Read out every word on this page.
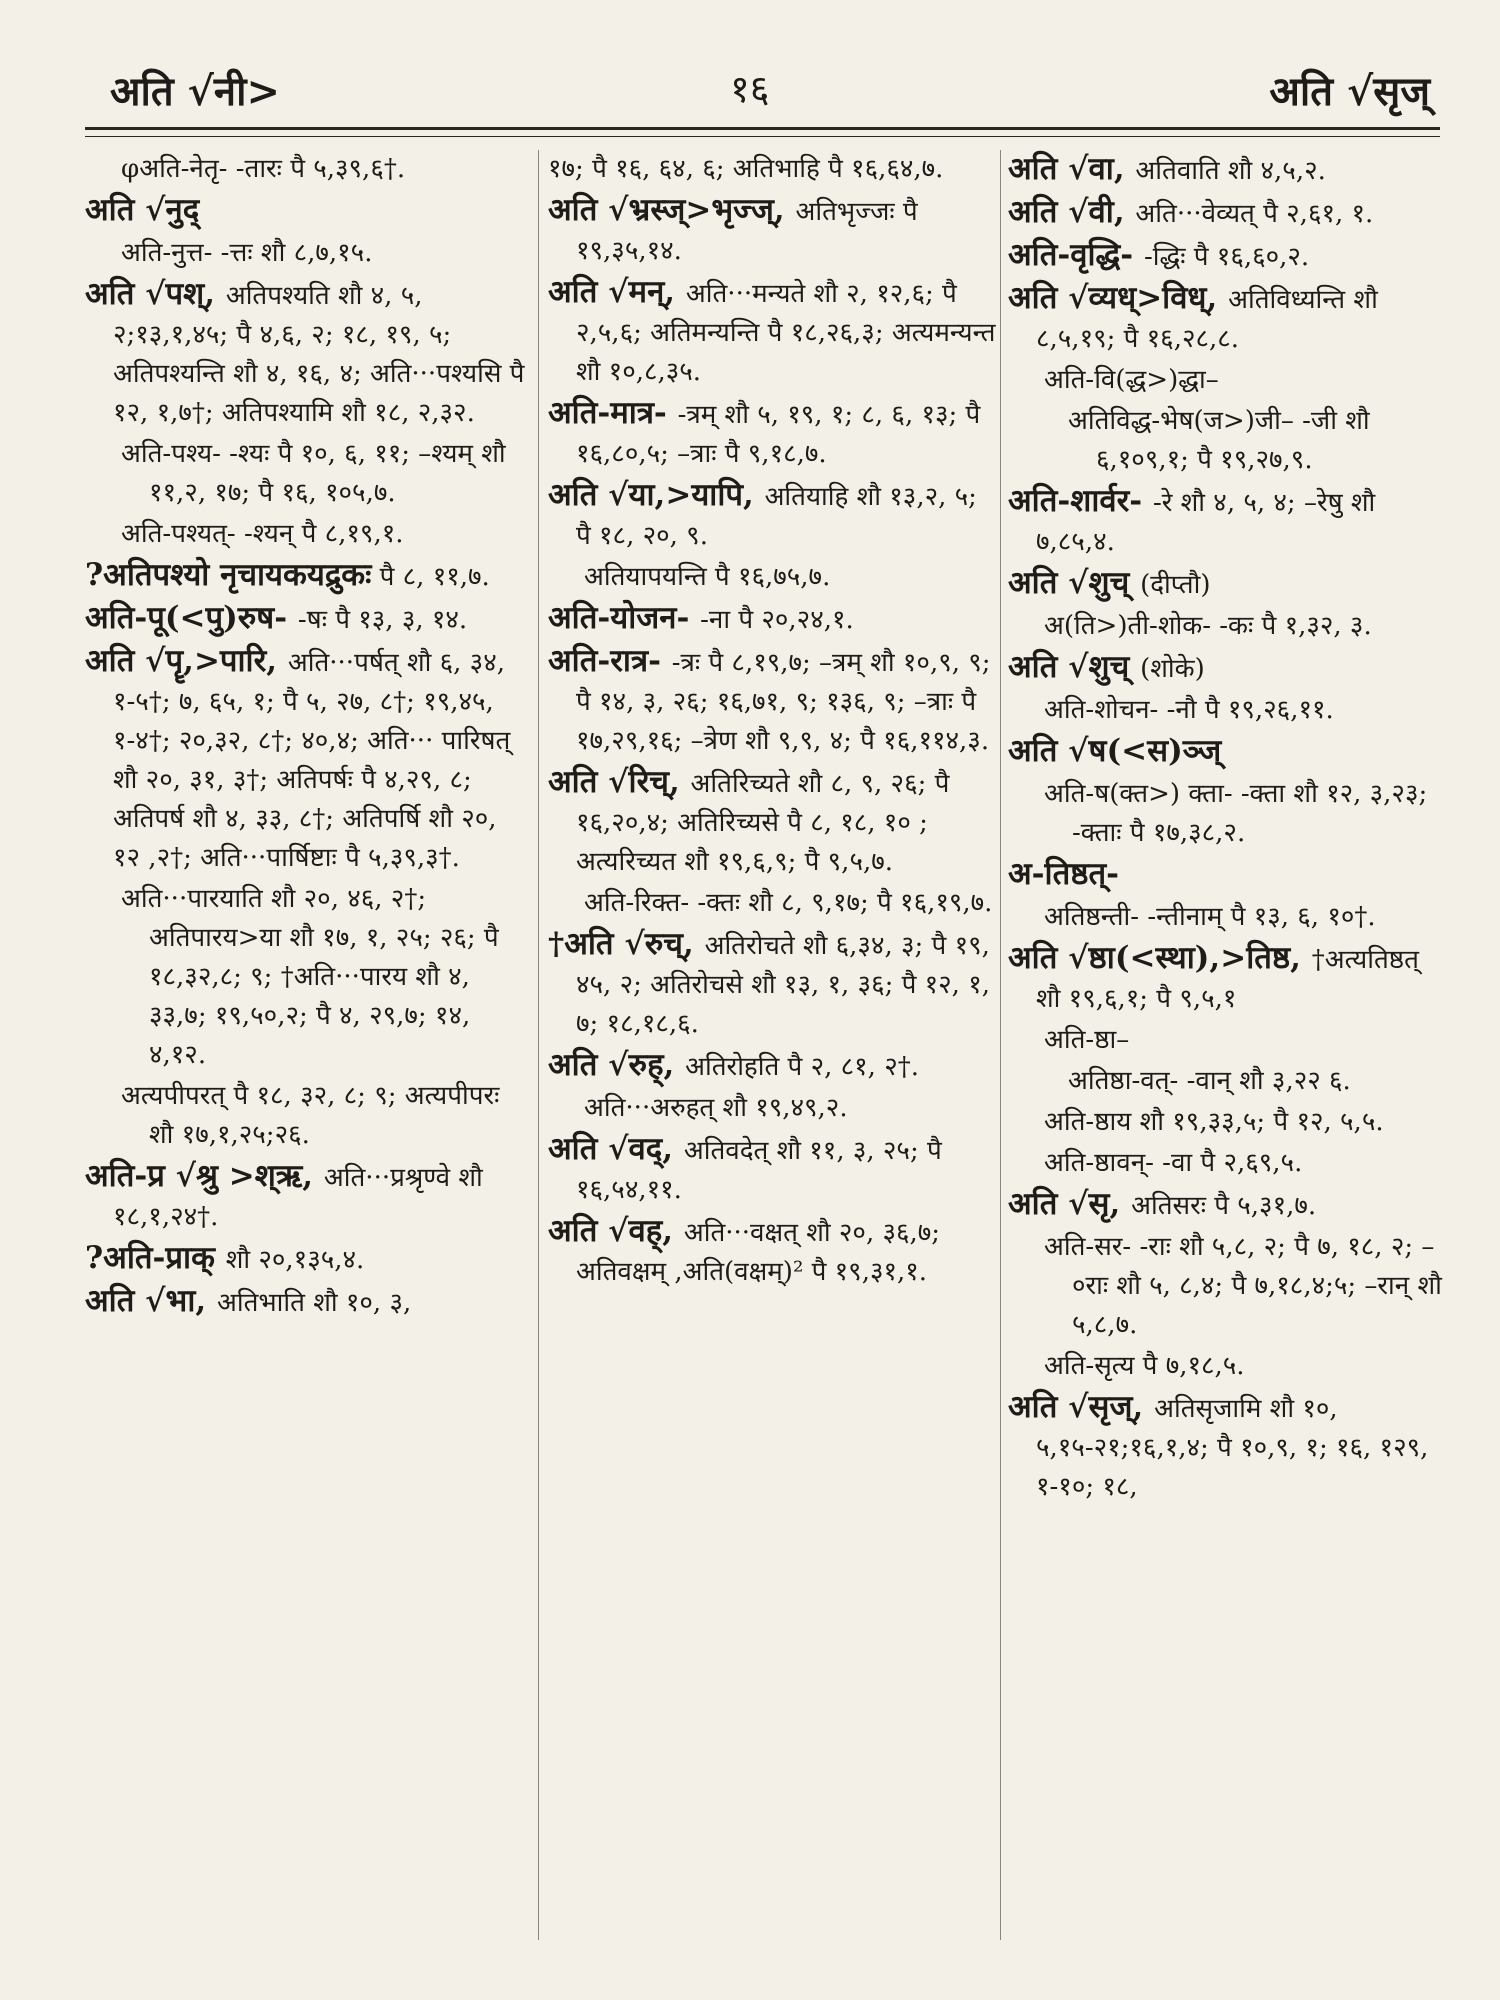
अति √नी>	१६	अति √सृज्

φअति-नेतृ- -तारः पै ५,३९,६†.

अति √नुद्

अति-नुत्त- -त्तः शौ ८,७,१५.

अति √पश्, अतिपश्यति शौ ४, ५, २;१३,१,४५; पै ४,६, २; १८, १९, ५; अतिपश्यन्ति शौ ४, १६, ४; अति···पश्यसि पै १२, १,७†; अतिपश्यामि शौ १८, २,३२.

अति-पश्य- -श्यः पै १०, ६, ११; –श्यम् शौ ११,२, १७; पै १६, १०५,७.

अति-पश्यत्- -श्यन् पै ८,१९,१.

?अतिपश्यो नृचायकयद्रुकः पै ८, ११,७.

अति-पू(<पु)रुष- -षः पै १३, ३, १४.

अति √पॄ,>पारि, अति···पर्षत् शौ ६, ३४, १-५†; ७, ६५, १; पै ५, २७, ८†; १९,४५, १-४†; २०,३२, ८†; ४०,४; अति··· पारिषत् शौ २०, ३१, ३†; अतिपर्षः पै ४,२९, ८; अतिपर्ष शौ ४, ३३, ८†; अतिपर्षि शौ २०, १२ ,२†; अति···पार्षिष्टाः पै ५,३९,३†.

अति···पारयाति शौ २०, ४६, २†; अतिपारय>या शौ १७, १, २५; २६; पै १८,३२,८; ९; †अति···पारय शौ ४, ३३,७; १९,५०,२; पै ४, २९,७; १४, ४,१२.

अत्यपीपरत् पै १८, ३२, ८; ९; अत्यपीपरः शौ १७,१,२५;२६.

अति-प्र √श्रु >श्ऋ, अति···प्रश्रृण्वे शौ १८,१,२४†.

?अति-प्राक् शौ २०,१३५,४.

अति √भा, अतिभाति शौ १०, ३,

१७; पै १६, ६४, ६; अतिभाहि पै १६,६४,७.

अति √भ्रस्ज्>भृज्ज्, अतिभृज्जः पै १९,३५,१४.

अति √मन्, अति···मन्यते शौ २, १२,६; पै २,५,६; अतिमन्यन्ति पै १८,२६,३; अत्यमन्यन्त शौ १०,८,३५.

अति-मात्र- -त्रम् शौ ५, १९, १; ८, ६, १३; पै १६,८०,५; –त्राः पै ९,१८,७.

अति √या,>यापि, अतियाहि शौ १३,२, ५; पै १८, २०, ९.

अतियापयन्ति पै १६,७५,७.

अति-योजन- -ना पै २०,२४,१.

अति-रात्र- -त्रः पै ८,१९,७; –त्रम् शौ १०,९, ९; पै १४, ३, २६; १६,७१, ९; १३६, ९; –त्राः पै १७,२९,१६; –त्रेण शौ ९,९, ४; पै १६,११४,३.

अति √रिच्, अतिरिच्यते शौ ८, ९, २६; पै १६,२०,४; अतिरिच्यसे पै ८, १८, १० ; अत्यरिच्यत शौ १९,६,९; पै ९,५,७.

अति-रिक्त- -क्तः शौ ८, ९,१७; पै १६,१९,७.

†अति √रुच्, अतिरोचते शौ ६,३४, ३; पै १९, ४५, २; अतिरोचसे शौ १३, १, ३६; पै १२, १, ७; १८,१८,६.

अति √रुह्, अतिरोहति पै २, ८१, २†.

अति···अरुहत् शौ १९,४९,२.

अति √वद्, अतिवदेत् शौ ११, ३, २५; पै १६,५४,११.

अति √वह्, अति···वक्षत् शौ २०, ३६,७; अतिवक्षम् ,अति(वक्षम्)² पै १९,३१,१.

अति √वा, अतिवाति शौ ४,५,२.

अति √वी, अति···वेव्यत् पै २,६१, १.

अति-वृद्धि- -द्धिः पै १६,६०,२.

अति √व्यध्>विध्, अतिविध्यन्ति शौ ८,५,१९; पै १६,२८,८.

अति-वि(द्ध>)द्धा–

अतिविद्ध-भेष(ज>)जी– -जी शौ ६,१०९,१; पै १९,२७,९.

अति-शार्वर- -रे शौ ४, ५, ४; –रेषु शौ ७,८५,४.

अति √शुच् (दीप्तौ)

अ(ति>)ती-शोक- -कः पै १,३२, ३.

अति √शुच् (शोके)

अति-शोचन- -नौ पै १९,२६,११.

अति √ष(<स)ञ्ज्

अति-ष(क्त>) क्ता- -क्ता शौ १२, ३,२३; -क्ताः पै १७,३८,२.

अ-तिष्ठत्-

अतिष्ठन्ती- -न्तीनाम् पै १३, ६, १०†.

अति √ष्ठा(<स्था),>तिष्ठ, †अत्यतिष्ठत् शौ १९,६,१; पै ९,५,१

अति-ष्ठा–

अतिष्ठा-वत्- -वान् शौ ३,२२ ६.

अति-ष्ठाय शौ १९,३३,५; पै १२, ५,५.

अति-ष्ठावन्- -वा पै २,६९,५.

अति √सृ, अतिसरः पै ५,३१,७.

अति-सर- -राः शौ ५,८, २; पै ७, १८, २; –०राः शौ ५, ८,४; पै ७,१८,४;५; –रान् शौ ५,८,७.

अति-सृत्य पै ७,१८,५.

अति √सृज्, अतिसृजामि शौ १०, ५,१५-२१;१६,१,४; पै १०,९, १; १६, १२९, १-१०; १८,
